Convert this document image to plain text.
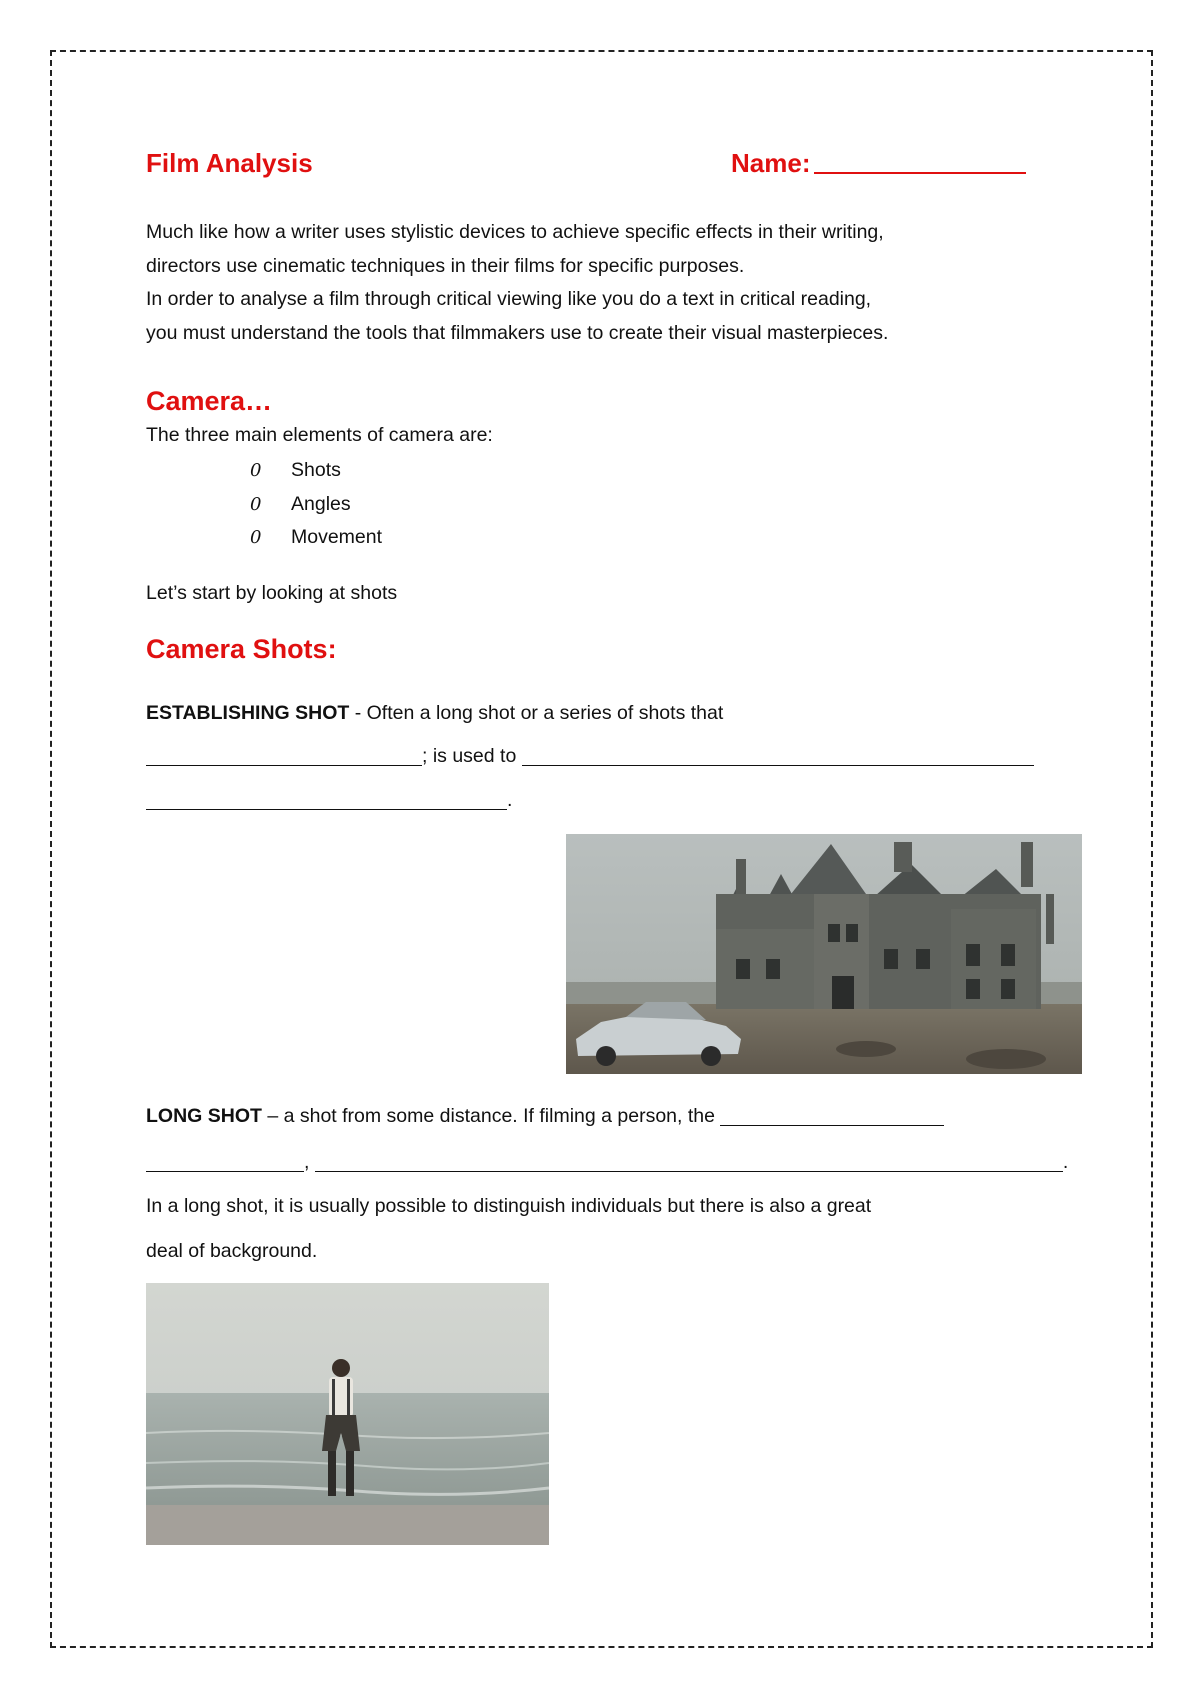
Film Analysis	Name:
Much like how a writer uses stylistic devices to achieve specific effects in their writing,
directors use cinematic techniques in their films for specific purposes.
In order to analyse a film through critical viewing like you do a text in critical reading,
you must understand the tools that filmmakers use to create their visual masterpieces.
Camera…
The three main elements of camera are:
0 Shots
0 Angles
0 Movement
Let’s start by looking at shots
Camera Shots:
ESTABLISHING SHOT - Often a long shot or a series of shots that
; is used to
.
LONG SHOT – a shot from some distance. If filming a person, the
,	.
In a long shot, it is usually possible to distinguish individuals but there is also a great
deal of background.
